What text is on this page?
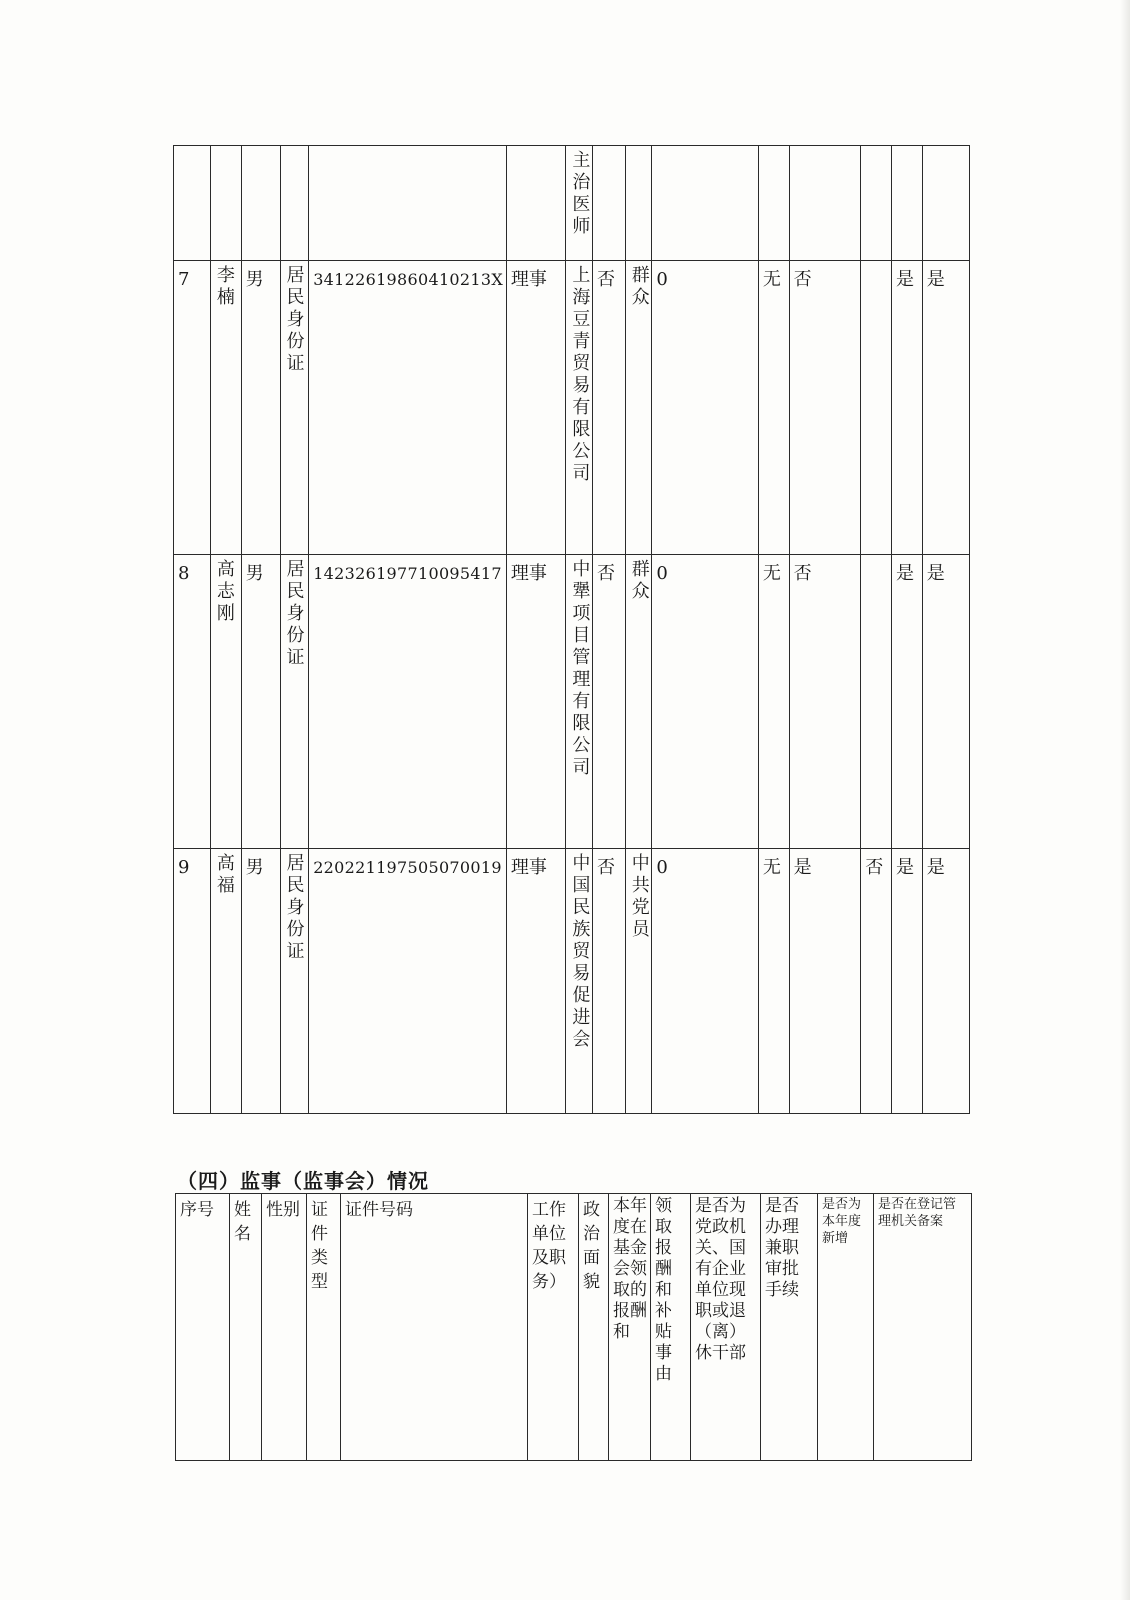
						主治医师								

7	李楠	男	居民身份证	34122619860410213X	理事	上海豆青贸易有限公司	否	群众	0	无	否		是	是
8	高志刚	男	居民身份证	142326197710095417	理事	中犟项目管理有限公司	否	群众	0	无	否		是	是
9	高福	男	居民身份证	220221197505070019	理事	中国民族贸易促进会	否	中共党员	0	无	是	否	是	是
（四）监事（监事会）情况
序号	姓名	性别	证件类型	证件号码	工作单位及职务）	政治面貌	本年度在基金会领取的报酬和	领取报酬和补贴事由	是否为党政机关、国有企业单位现职或退（离）休干部	是否办理兼职审批手续	是否为本年度新增	是否在登记管理机关备案
